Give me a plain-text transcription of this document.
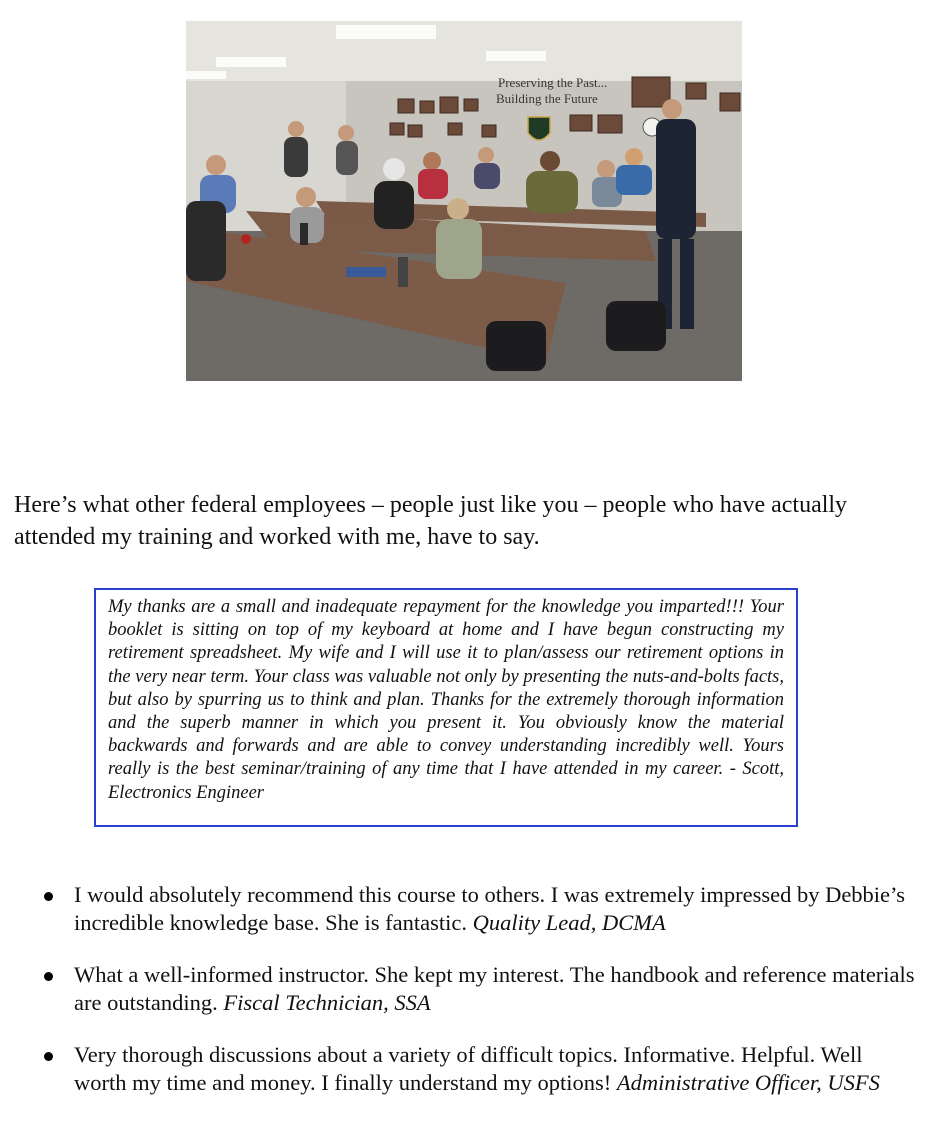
Preserving the Past...
Building the Future

Here’s what other federal employees – people just like you – people who have actually attended my training and worked with me, have to say.

My thanks are a small and inadequate repayment for the knowledge you imparted!!! Your booklet is sitting on top of my keyboard at home and I have begun constructing my retirement spreadsheet. My wife and I will use it to plan/assess our retirement options in the very near term. Your class was valuable not only by presenting the nuts-and-bolts facts, but also by spurring us to think and plan. Thanks for the extremely thorough information and the superb manner in which you present it. You obviously know the material backwards and forwards and are able to convey understanding incredibly well. Yours really is the best seminar/training of any time that I have attended in my career. - Scott, Electronics Engineer

I would absolutely recommend this course to others. I was extremely impressed by Debbie’s incredible knowledge base. She is fantastic. Quality Lead, DCMA
What a well-informed instructor. She kept my interest. The handbook and reference materials are outstanding. Fiscal Technician, SSA
Very thorough discussions about a variety of difficult topics. Informative. Helpful. Well worth my time and money. I finally understand my options! Administrative Officer, USFS
